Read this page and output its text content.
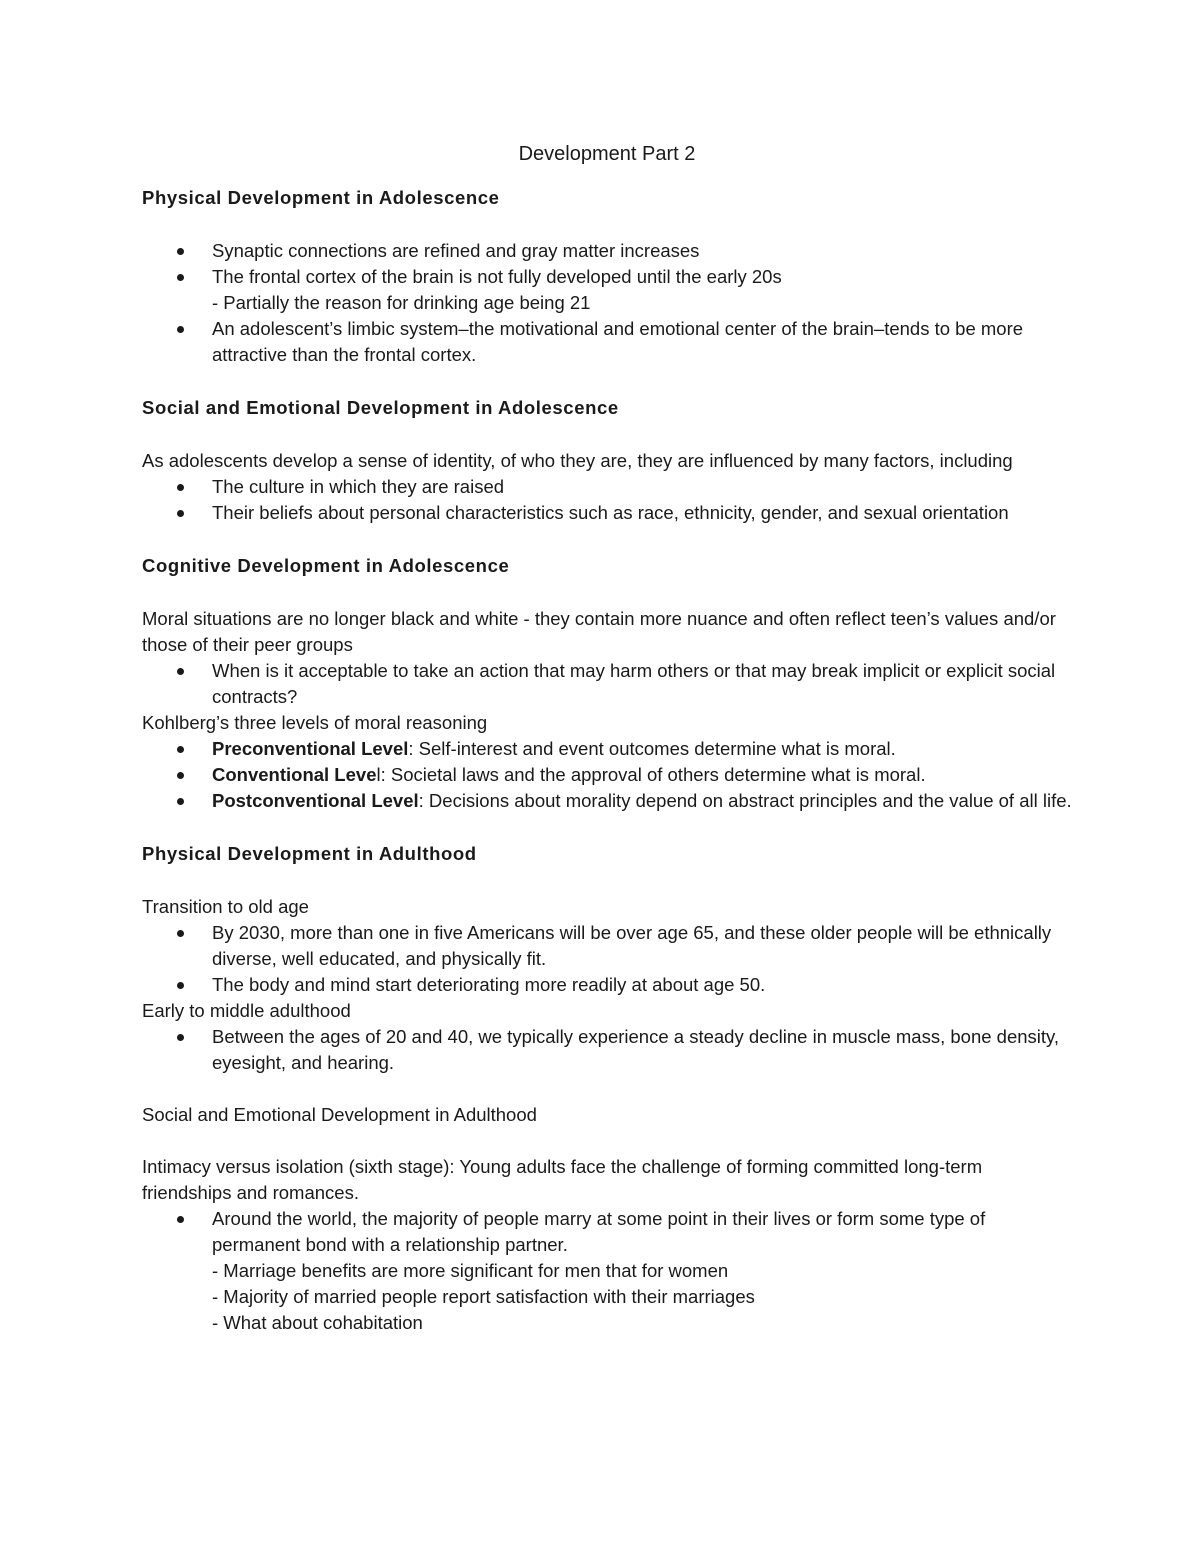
Development Part 2
Physical Development in Adolescence
Synaptic connections are refined and gray matter increases
The frontal cortex of the brain is not fully developed until the early 20s
- Partially the reason for drinking age being 21
An adolescent’s limbic system–the motivational and emotional center of the brain–tends to be more attractive than the frontal cortex.
Social and Emotional Development in Adolescence

As adolescents develop a sense of identity, of who they are, they are influenced by many factors, including

The culture in which they are raised
Their beliefs about personal characteristics such as race, ethnicity, gender, and sexual orientation
Cognitive Development in Adolescence

Moral situations are no longer black and white - they contain more nuance and often reflect teen’s values and/or those of their peer groups

When is it acceptable to take an action that may harm others or that may break implicit or explicit social contracts?

Kohlberg’s three levels of moral reasoning

Preconventional Level: Self-interest and event outcomes determine what is moral.
Conventional Level: Societal laws and the approval of others determine what is moral.
Postconventional Level: Decisions about morality depend on abstract principles and the value of all life.
Physical Development in Adulthood

Transition to old age

By 2030, more than one in five Americans will be over age 65, and these older people will be ethnically diverse, well educated, and physically fit.
The body and mind start deteriorating more readily at about age 50.

Early to middle adulthood

Between the ages of 20 and 40, we typically experience a steady decline in muscle mass, bone density, eyesight, and hearing.
Social and Emotional Development in Adulthood

Intimacy versus isolation (sixth stage): Young adults face the challenge of forming committed long-term friendships and romances.

Around the world, the majority of people marry at some point in their lives or form some type of permanent bond with a relationship partner.
- Marriage benefits are more significant for men that for women
- Majority of married people report satisfaction with their marriages
- What about cohabitation
